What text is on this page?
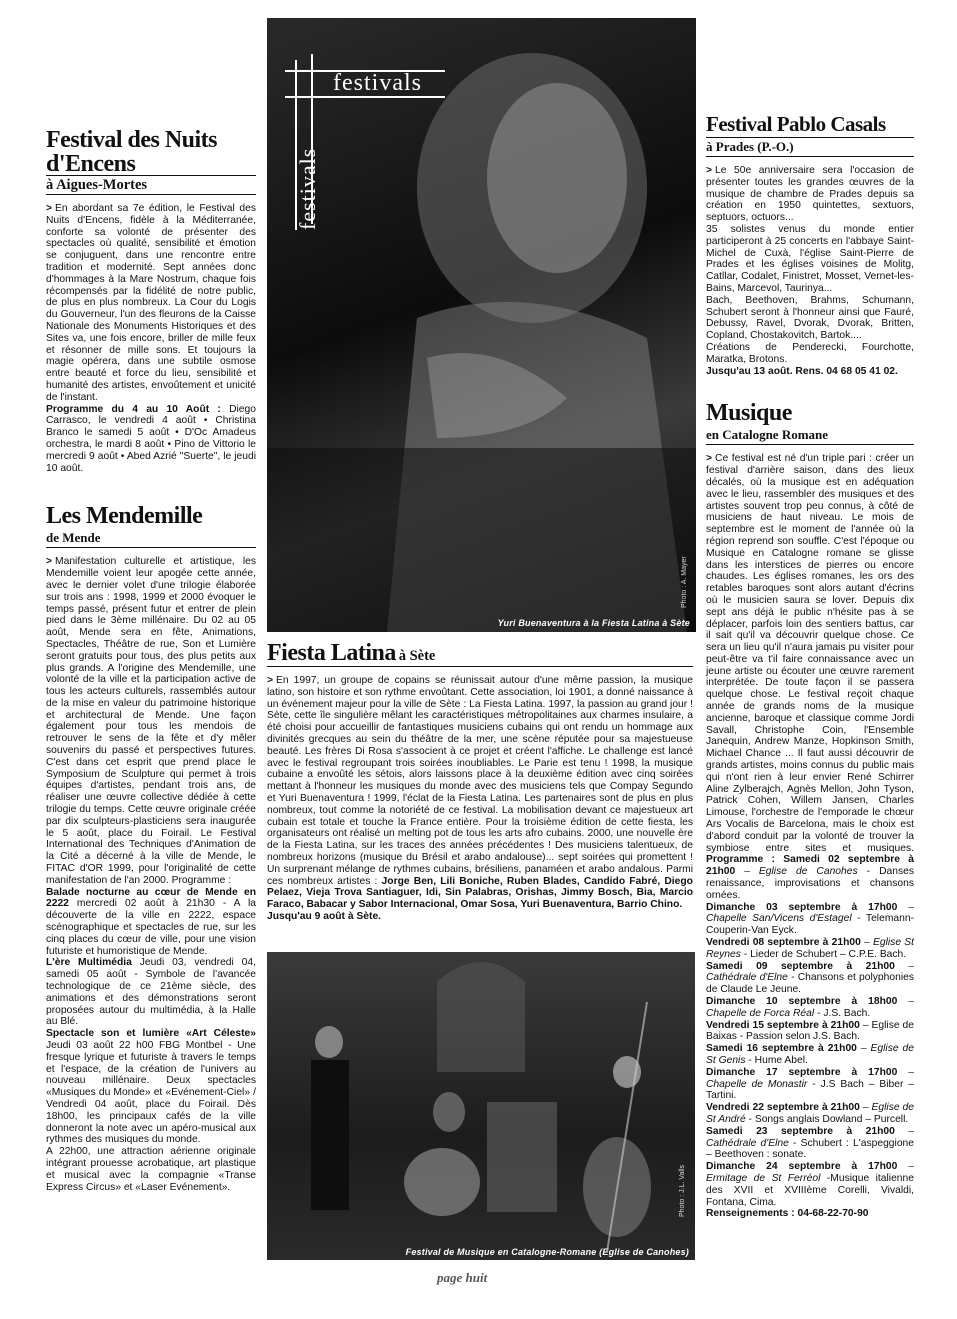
festivals
festivals
Photo : A. Mayer
Yuri Buenaventura à la Fiesta Latina à Sète
Festival des Nuits
d'Encens
à Aigues-Mortes

> En abordant sa 7e édition, le Festival des Nuits d'Encens, fidèle à la Méditerranée, conforte sa volonté de présenter des spectacles où qualité, sensibilité et émotion se conjuguent, dans une rencontre entre tradition et modernité. Sept années donc d'hommages à la Mare Nostrum, chaque fois récompensés par la fidélité de notre public, de plus en plus nombreux. La Cour du Logis du Gouverneur, l'un des fleurons de la Caisse Nationale des Monuments Historiques et des Sites va, une fois encore, briller de mille feux et résonner de mille sons. Et toujours la magie opérera, dans une subtile osmose entre beauté et force du lieu, sensibilité et humanité des artistes, envoûtement et unicité de l'instant.

Programme du 4 au 10 Août : Diego Carrasco, le vendredi 4 août • Christina Branco le samedi 5 août • D'Oc Amadeus orchestra, le mardi 8 août • Pino de Vittorio le mercredi 9 août • Abed Azrié "Suerte", le jeudi 10 août.

Les Mendemille
de Mende

> Manifestation culturelle et artistique, les Mendemille voient leur apogée cette année, avec le dernier volet d'une trilogie élaborée sur trois ans : 1998, 1999 et 2000 évoquer le temps passé, présent futur et entrer de plein pied dans le 3ème millénaire. Du 02 au 05 août, Mende sera en fête, Animations, Spectacles, Théâtre de rue, Son et Lumière seront gratuits pour tous, des plus petits aux plus grands. A l'origine des Mendemille, une volonté de la ville et la participation active de tous les acteurs culturels, rassemblés autour de la mise en valeur du patrimoine historique et architectural de Mende. Une façon également pour tous les mendois de retrouver le sens de la fête et d'y mêler souvenirs du passé et perspectives futures. C'est dans cet esprit que prend place le Symposium de Sculpture qui permet à trois équipes d'artistes, pendant trois ans, de réaliser une œuvre collective dédiée à cette trilogie du temps. Cette œuvre originale créée par dix sculpteurs-plasticiens sera inaugurée le 5 août, place du Foirail. Le Festival International des Techniques d'Animation de la Cité a décerné à la ville de Mende, le FITAC d'OR 1999, pour l'originalité de cette manifestation de l'an 2000. Programme :

Balade nocturne au cœur de Mende en 2222 mercredi 02 août à 21h30 - A la découverte de la ville en 2222, espace scénographique et spectacles de rue, sur les cinq places du cœur de ville, pour une vision futuriste et humoristique de Mende.

L'ère Multimédia Jeudi 03, vendredi 04, samedi 05 août - Symbole de l'avancée technologique de ce 21ème siècle, des animations et des démonstrations seront proposées autour du multimédia, à la Halle au Blé.

Spectacle son et lumière «Art Céleste» Jeudi 03 août 22 h00 FBG Montbel - Une fresque lyrique et futuriste à travers le temps et l'espace, de la création de l'univers au nouveau millénaire. Deux spectacles «Musiques du Monde» et «Evénement-Ciel» / Vendredi 04 août, place du Foirail. Dès 18h00, les principaux cafés de la ville donneront la note avec un apéro-musical aux rythmes des musiques du monde.

A 22h00, une attraction aérienne originale intégrant prouesse acrobatique, art plastique et musical avec la compagnie «Transe Express Circus» et «Laser Evénement».

Fiesta Latina à Sète

> En 1997, un groupe de copains se réunissait autour d'une même passion, la musique latino, son histoire et son rythme envoûtant. Cette association, loi 1901, a donné naissance à un événement majeur pour la ville de Sète : La Fiesta Latina. 1997, la passion au grand jour ! Sète, cette île singulière mêlant les caractéristiques métropolitaines aux charmes insulaire, a été choisi pour accueillir de fantastiques musiciens cubains qui ont rendu un hommage aux divinités grecques au sein du théâtre de la mer, une scène réputée pour sa majestueuse beauté. Les frères Di Rosa s'associent à ce projet et créent l'affiche. Le challenge est lancé avec le festival regroupant trois soirées inoubliables. Le Parie est tenu ! 1998, la musique cubaine a envoûté les sétois, alors laissons place à la deuxième édition avec cinq soirées mettant à l'honneur les musiques du monde avec des musiciens tels que Compay Segundo et Yuri Buenaventura ! 1999, l'éclat de la Fiesta Latina. Les partenaires sont de plus en plus nombreux, tout comme la notoriété de ce festival. La mobilisation devant ce majestueux art cubain est totale et touche la France entière. Pour la troisième édition de cette fiesta, les organisateurs ont réalisé un melting pot de tous les arts afro cubains. 2000, une nouvelle ère de la Fiesta Latina, sur les traces des années précédentes ! Des musiciens talentueux, de nombreux horizons (musique du Brésil et arabo andalouse)... sept soirées qui promettent ! Un surprenant mélange de rythmes cubains, brésiliens, panaméen et arabo andalous. Parmi ces nombreux artistes : Jorge Ben, Lili Boniche, Ruben Blades, Candido Fabré, Diego Pelaez, Vieja Trova Santiaguer, Idi, Sin Palabras, Orishas, Jimmy Bosch, Bia, Marcio Faraco, Babacar y Sabor Internacional, Omar Sosa, Yuri Buenaventura, Barrio Chino.

Jusqu'au 9 août à Sète.

Photo : J.L. Valls
Festival de Musique en Catalogne-Romane (Eglise de Canohes)
Festival Pablo Casals
à Prades (P.-O.)

> Le 50e anniversaire sera l'occasion de présenter toutes les grandes œuvres de la musique de chambre de Prades depuis sa création en 1950 quintettes, sextuors, septuors, octuors...

35 solistes venus du monde entier participeront à 25 concerts en l'abbaye Saint-Michel de Cuxà, l'église Saint-Pierre de Prades et les églises voisines de Molitg, Catllar, Codalet, Finistret, Mosset, Vernet-les-Bains, Marcevol, Taurinya...

Bach, Beethoven, Brahms, Schumann, Schubert seront à l'honneur ainsi que Fauré, Debussy, Ravel, Dvorak, Dvorak, Britten, Copland, Chostakovitch, Bartok....

Créations de Penderecki, Fourchotte, Maratka, Brotons.

Jusqu'au 13 août. Rens. 04 68 05 41 02.

Musique
en Catalogne Romane

> Ce festival est né d'un triple pari : créer un festival d'arrière saison, dans des lieux décalés, où la musique est en adéquation avec le lieu, rassembler des musiques et des artistes souvent trop peu connus, à côté de musiciens de haut niveau. Le mois de septembre est le moment de l'année où la région reprend son souffle. C'est l'époque ou Musique en Catalogne romane se glisse dans les interstices de pierres ou encore chaudes. Les églises romanes, les ors des retables baroques sont alors autant d'écrins où le musicien saura se lover. Depuis dix sept ans déjà le public n'hésite pas à se déplacer, parfois loin des sentiers battus, car il sait qu'il va découvrir quelque chose. Ce sera un lieu qu'il n'aura jamais pu visiter pour peut-être va t'il faire connaissance avec un jeune artiste ou écouter une œuvre rarement interprétée. De toute façon il se passera quelque chose. Le festival reçoit chaque année de grands noms de la musique ancienne, baroque et classique comme Jordi Savall, Christophe Coin, l'Ensemble Janequin, Andrew Manze, Hopkinson Smith, Michael Chance ... Il faut aussi découvrir de grands artistes, moins connus du public mais qui n'ont rien à leur envier René Schirrer Aline Zylberajch, Agnès Mellon, John Tyson, Patrick Cohen, Willem Jansen, Charles Limouse, l'orchestre de l'emporade le chœur Ars Vocalis de Barcelona, mais le choix est d'abord conduit par la volonté de trouver la symbiose entre sites et musiques. Programme : Samedi 02 septembre à 21h00 – Eglise de Canohes - Danses renaissance, improvisations et chansons ornées.

Dimanche 03 septembre à 17h00 – Chapelle San/Vicens d'Estagel - Telemann-Couperin-Van Eyck.

Vendredi 08 septembre à 21h00 – Eglise St Reynes - Lieder de Schubert – C.P.E. Bach.

Samedi 09 septembre à 21h00 – Cathédrale d'Elne - Chansons et polyphonies de Claude Le Jeune.

Dimanche 10 septembre à 18h00 – Chapelle de Forca Réal - J.S. Bach.

Vendredi 15 septembre à 21h00 – Eglise de Baixas - Passion selon J.S. Bach.

Samedi 16 septembre à 21h00 – Eglise de St Genis - Hume Abel.

Dimanche 17 septembre à 17h00 – Chapelle de Monastir - J.S Bach – Biber – Tartini.

Vendredi 22 septembre à 21h00 – Eglise de St André - Songs anglais Dowland – Purcell.

Samedi 23 septembre à 21h00 – Cathédrale d'Elne - Schubert : L'aspeggione – Beethoven : sonate.

Dimanche 24 septembre à 17h00 – Ermitage de St Ferréol -Musique italienne des XVII et XVIIIème Corelli, Vivaldi, Fontana, Cima.

Renseignements : 04-68-22-70-90

page huit
